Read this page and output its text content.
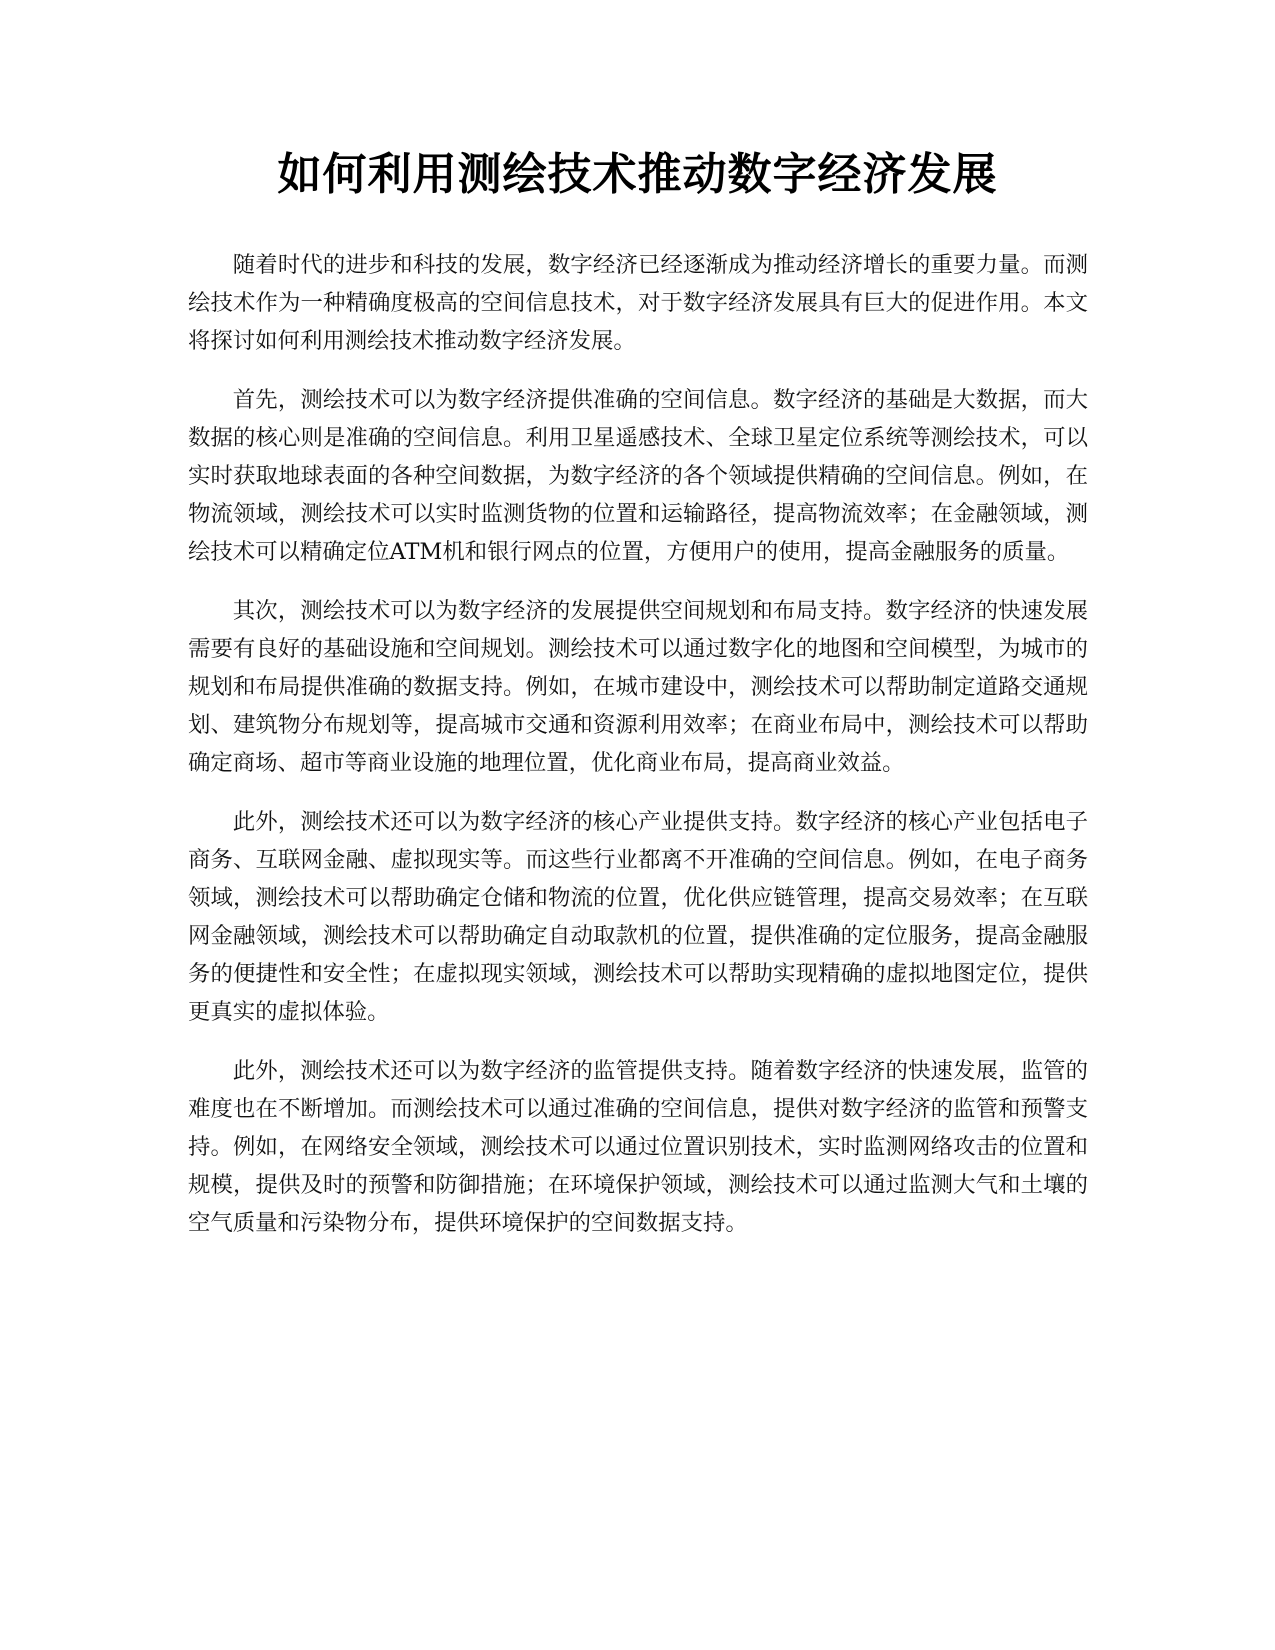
如何利用测绘技术推动数字经济发展

随着时代的进步和科技的发展，数字经济已经逐渐成为推动经济增长的重要力量。而测绘技术作为一种精确度极高的空间信息技术，对于数字经济发展具有巨大的促进作用。本文将探讨如何利用测绘技术推动数字经济发展。

首先，测绘技术可以为数字经济提供准确的空间信息。数字经济的基础是大数据，而大数据的核心则是准确的空间信息。利用卫星遥感技术、全球卫星定位系统等测绘技术，可以实时获取地球表面的各种空间数据，为数字经济的各个领域提供精确的空间信息。例如，在物流领域，测绘技术可以实时监测货物的位置和运输路径，提高物流效率；在金融领域，测绘技术可以精确定位ATM机和银行网点的位置，方便用户的使用，提高金融服务的质量。

其次，测绘技术可以为数字经济的发展提供空间规划和布局支持。数字经济的快速发展需要有良好的基础设施和空间规划。测绘技术可以通过数字化的地图和空间模型，为城市的规划和布局提供准确的数据支持。例如，在城市建设中，测绘技术可以帮助制定道路交通规划、建筑物分布规划等，提高城市交通和资源利用效率；在商业布局中，测绘技术可以帮助确定商场、超市等商业设施的地理位置，优化商业布局，提高商业效益。

此外，测绘技术还可以为数字经济的核心产业提供支持。数字经济的核心产业包括电子商务、互联网金融、虚拟现实等。而这些行业都离不开准确的空间信息。例如，在电子商务领域，测绘技术可以帮助确定仓储和物流的位置，优化供应链管理，提高交易效率；在互联网金融领域，测绘技术可以帮助确定自动取款机的位置，提供准确的定位服务，提高金融服务的便捷性和安全性；在虚拟现实领域，测绘技术可以帮助实现精确的虚拟地图定位，提供更真实的虚拟体验。

此外，测绘技术还可以为数字经济的监管提供支持。随着数字经济的快速发展，监管的难度也在不断增加。而测绘技术可以通过准确的空间信息，提供对数字经济的监管和预警支持。例如，在网络安全领域，测绘技术可以通过位置识别技术，实时监测网络攻击的位置和规模，提供及时的预警和防御措施；在环境保护领域，测绘技术可以通过监测大气和土壤的空气质量和污染物分布，提供环境保护的空间数据支持。
